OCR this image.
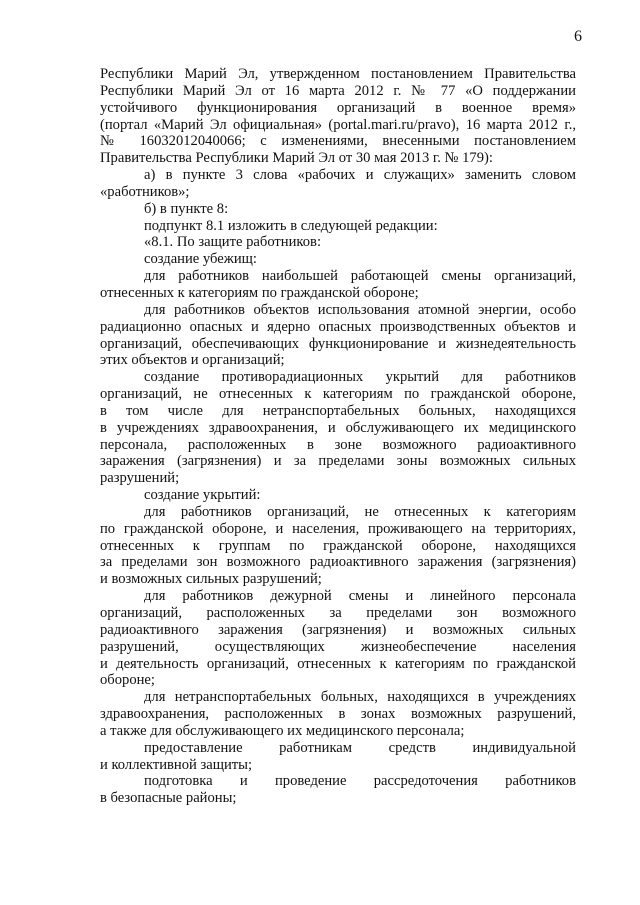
6

Республики Марий Эл, утвержденном постановлением Правительства
Республики Марий Эл от 16 марта 2012 г. № 77 «О поддержании
устойчивого функционирования организаций в военное время»
(портал «Марий Эл официальная» (portal.mari.ru/pravo), 16 марта 2012 г.,
№ 16032012040066; с изменениями, внесенными постановлением
Правительства Республики Марий Эл от 30 мая 2013 г. № 179):

а) в пункте 3 слова «рабочих и служащих» заменить словом
«работников»;

б) в пункте 8:

подпункт 8.1 изложить в следующей редакции:

«8.1. По защите работников:

создание убежищ:

для работников наибольшей работающей смены организаций,
отнесенных к категориям по гражданской обороне;

для работников объектов использования атомной энергии, особо
радиационно опасных и ядерно опасных производственных объектов и
организаций, обеспечивающих функционирование и жизнедеятельность
этих объектов и организаций;

создание противорадиационных укрытий для работников
организаций, не отнесенных к категориям по гражданской обороне,
в том числе для нетранспортабельных больных, находящихся
в учреждениях здравоохранения, и обслуживающего их медицинского
персонала, расположенных в зоне возможного радиоактивного
заражения (загрязнения) и за пределами зоны возможных сильных
разрушений;

создание укрытий:

для работников организаций, не отнесенных к категориям
по гражданской обороне, и населения, проживающего на территориях,
отнесенных к группам по гражданской обороне, находящихся
за пределами зон возможного радиоактивного заражения (загрязнения)
и возможных сильных разрушений;

для работников дежурной смены и линейного персонала
организаций, расположенных за пределами зон возможного
радиоактивного заражения (загрязнения) и возможных сильных
разрушений, осуществляющих жизнеобеспечение населения
и деятельность организаций, отнесенных к категориям по гражданской
обороне;

для нетранспортабельных больных, находящихся в учреждениях
здравоохранения, расположенных в зонах возможных разрушений,
а также для обслуживающего их медицинского персонала;

предоставление работникам средств индивидуальной
и коллективной защиты;

подготовка и проведение рассредоточения работников
в безопасные районы;
